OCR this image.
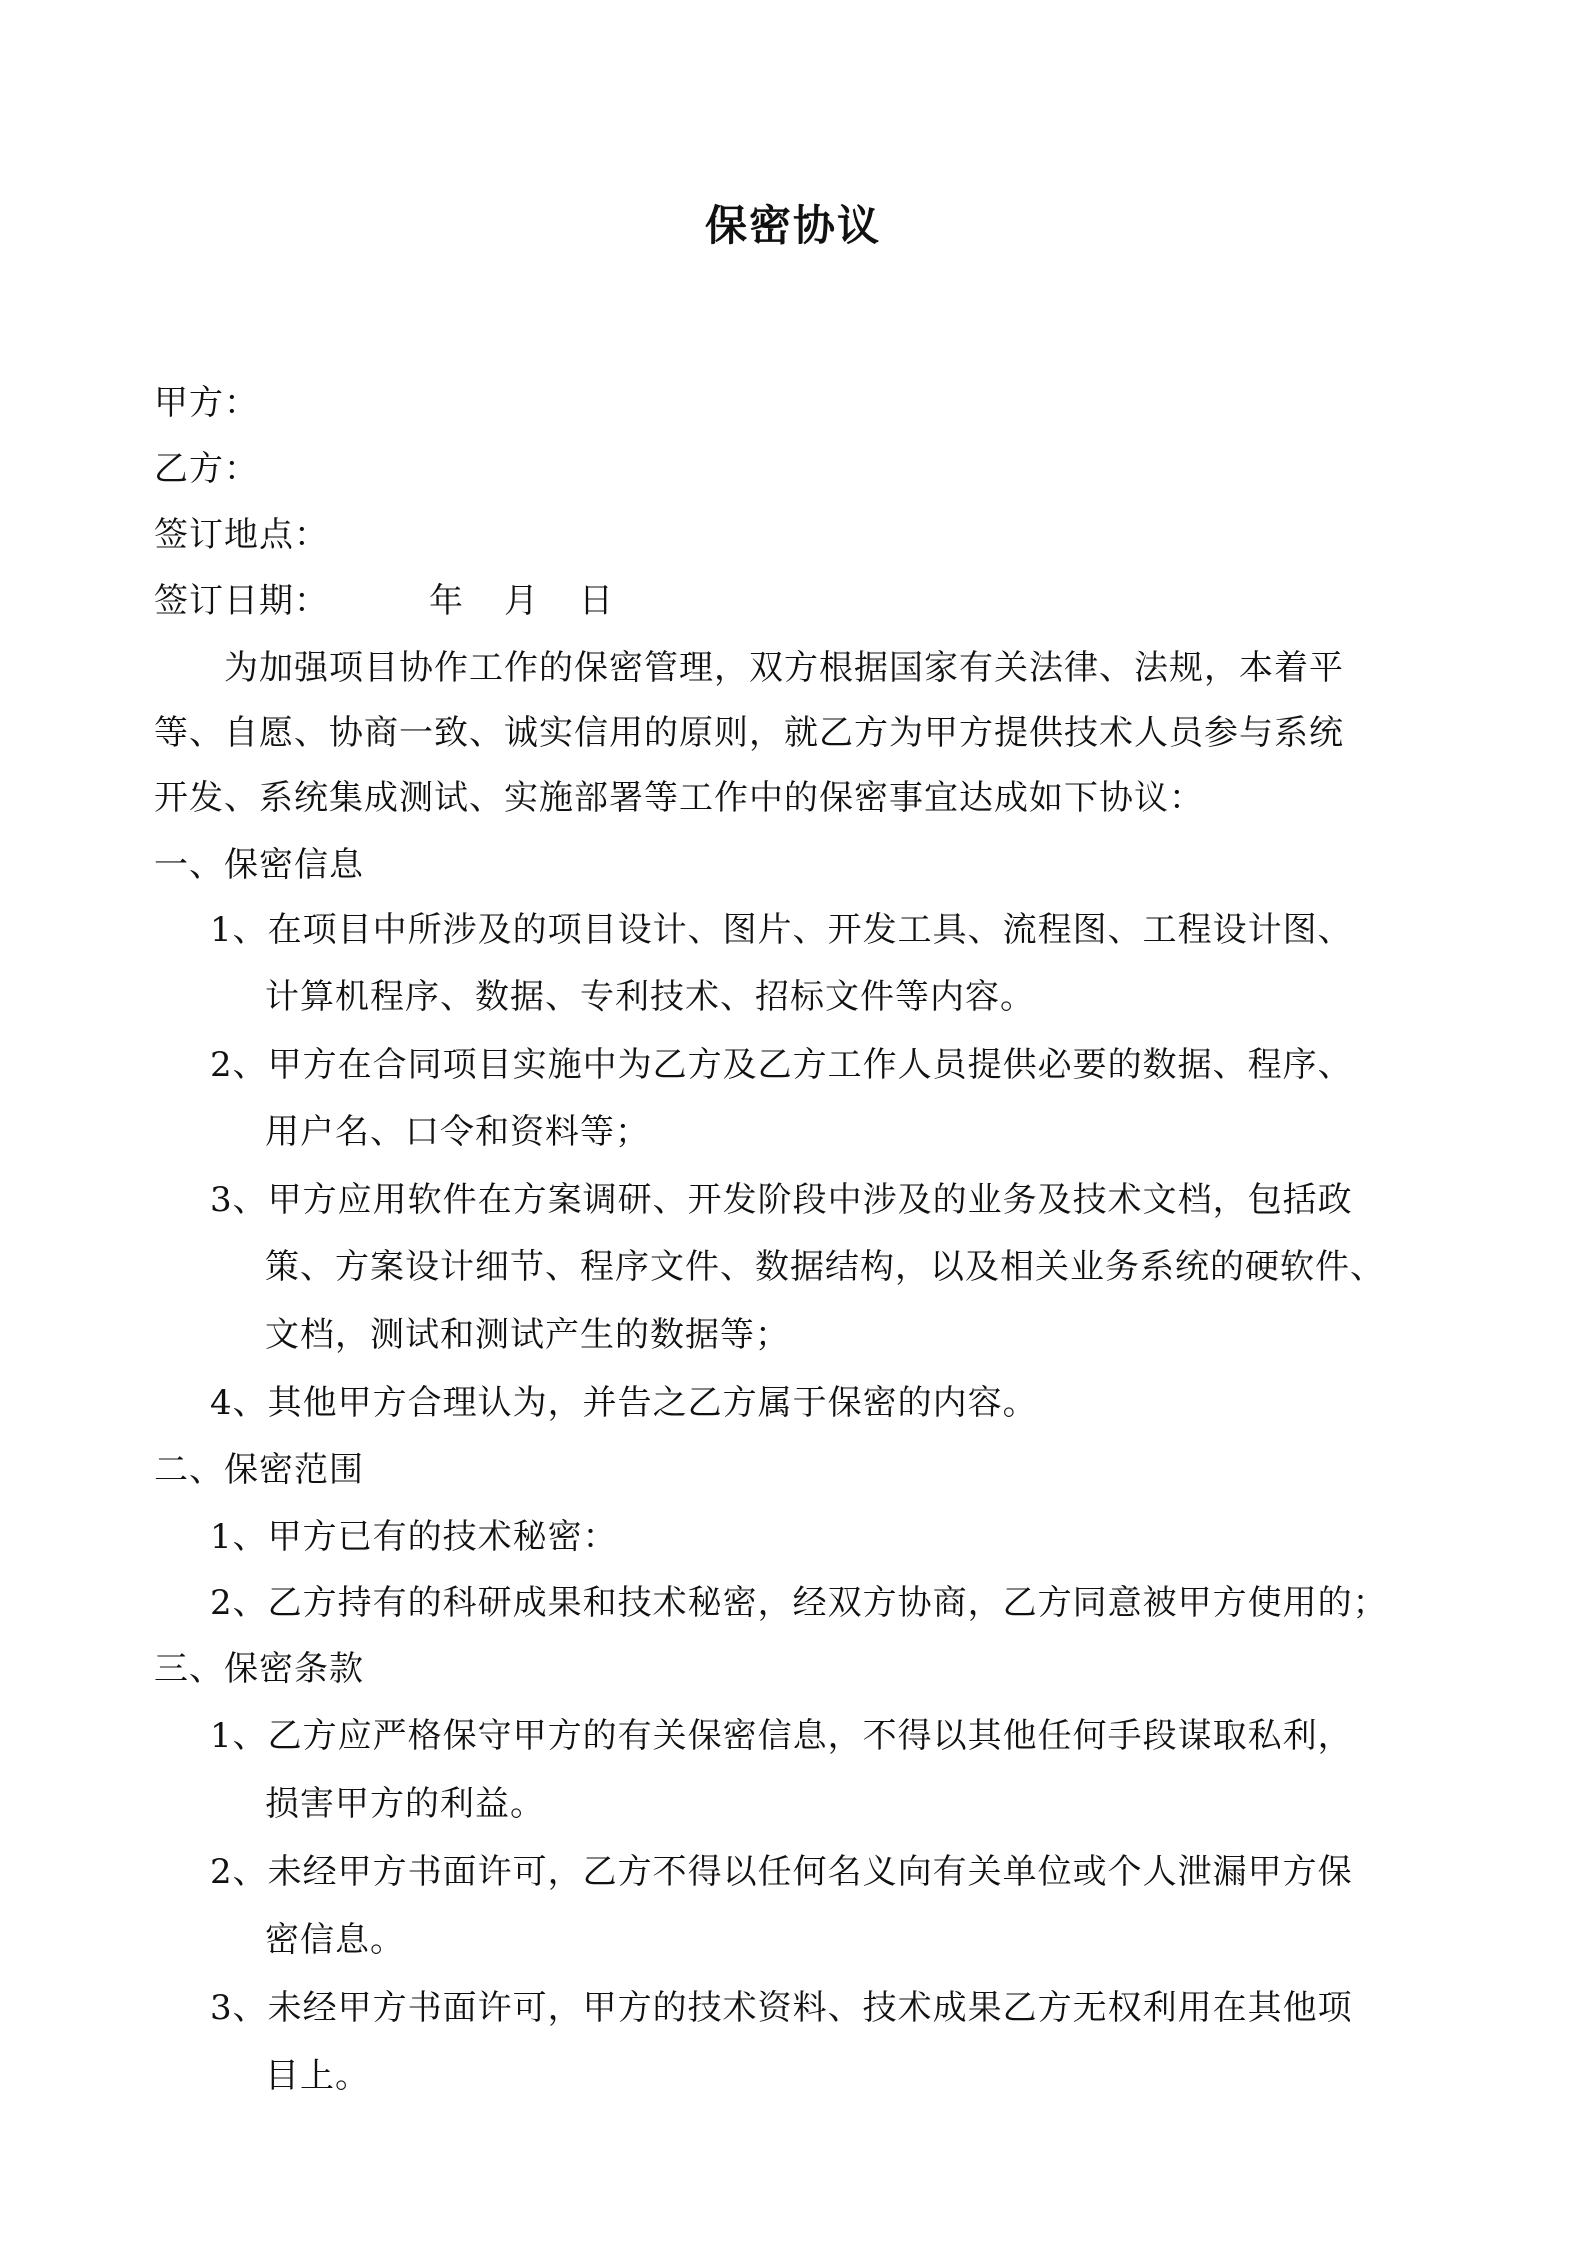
保密协议
甲方：
乙方：
签订地点：
签订日期：	年 月 日
为加强项目协作工作的保密管理，双方根据国家有关法律、法规，本着平
等、自愿、协商一致、诚实信用的原则，就乙方为甲方提供技术人员参与系统
开发、系统集成测试、实施部署等工作中的保密事宜达成如下协议：
一、保密信息
1、在项目中所涉及的项目设计、图片、开发工具、流程图、工程设计图、
计算机程序、数据、专利技术、招标文件等内容。
2、甲方在合同项目实施中为乙方及乙方工作人员提供必要的数据、程序、
用户名、口令和资料等；
3、甲方应用软件在方案调研、开发阶段中涉及的业务及技术文档，包括政
策、方案设计细节、程序文件、数据结构，以及相关业务系统的硬软件、
文档，测试和测试产生的数据等；
4、其他甲方合理认为，并告之乙方属于保密的内容。
二、保密范围
1、甲方已有的技术秘密：
2、乙方持有的科研成果和技术秘密，经双方协商，乙方同意被甲方使用的；
三、保密条款
1、乙方应严格保守甲方的有关保密信息，不得以其他任何手段谋取私利，
损害甲方的利益。
2、未经甲方书面许可，乙方不得以任何名义向有关单位或个人泄漏甲方保
密信息。
3、未经甲方书面许可，甲方的技术资料、技术成果乙方无权利用在其他项
目上。
